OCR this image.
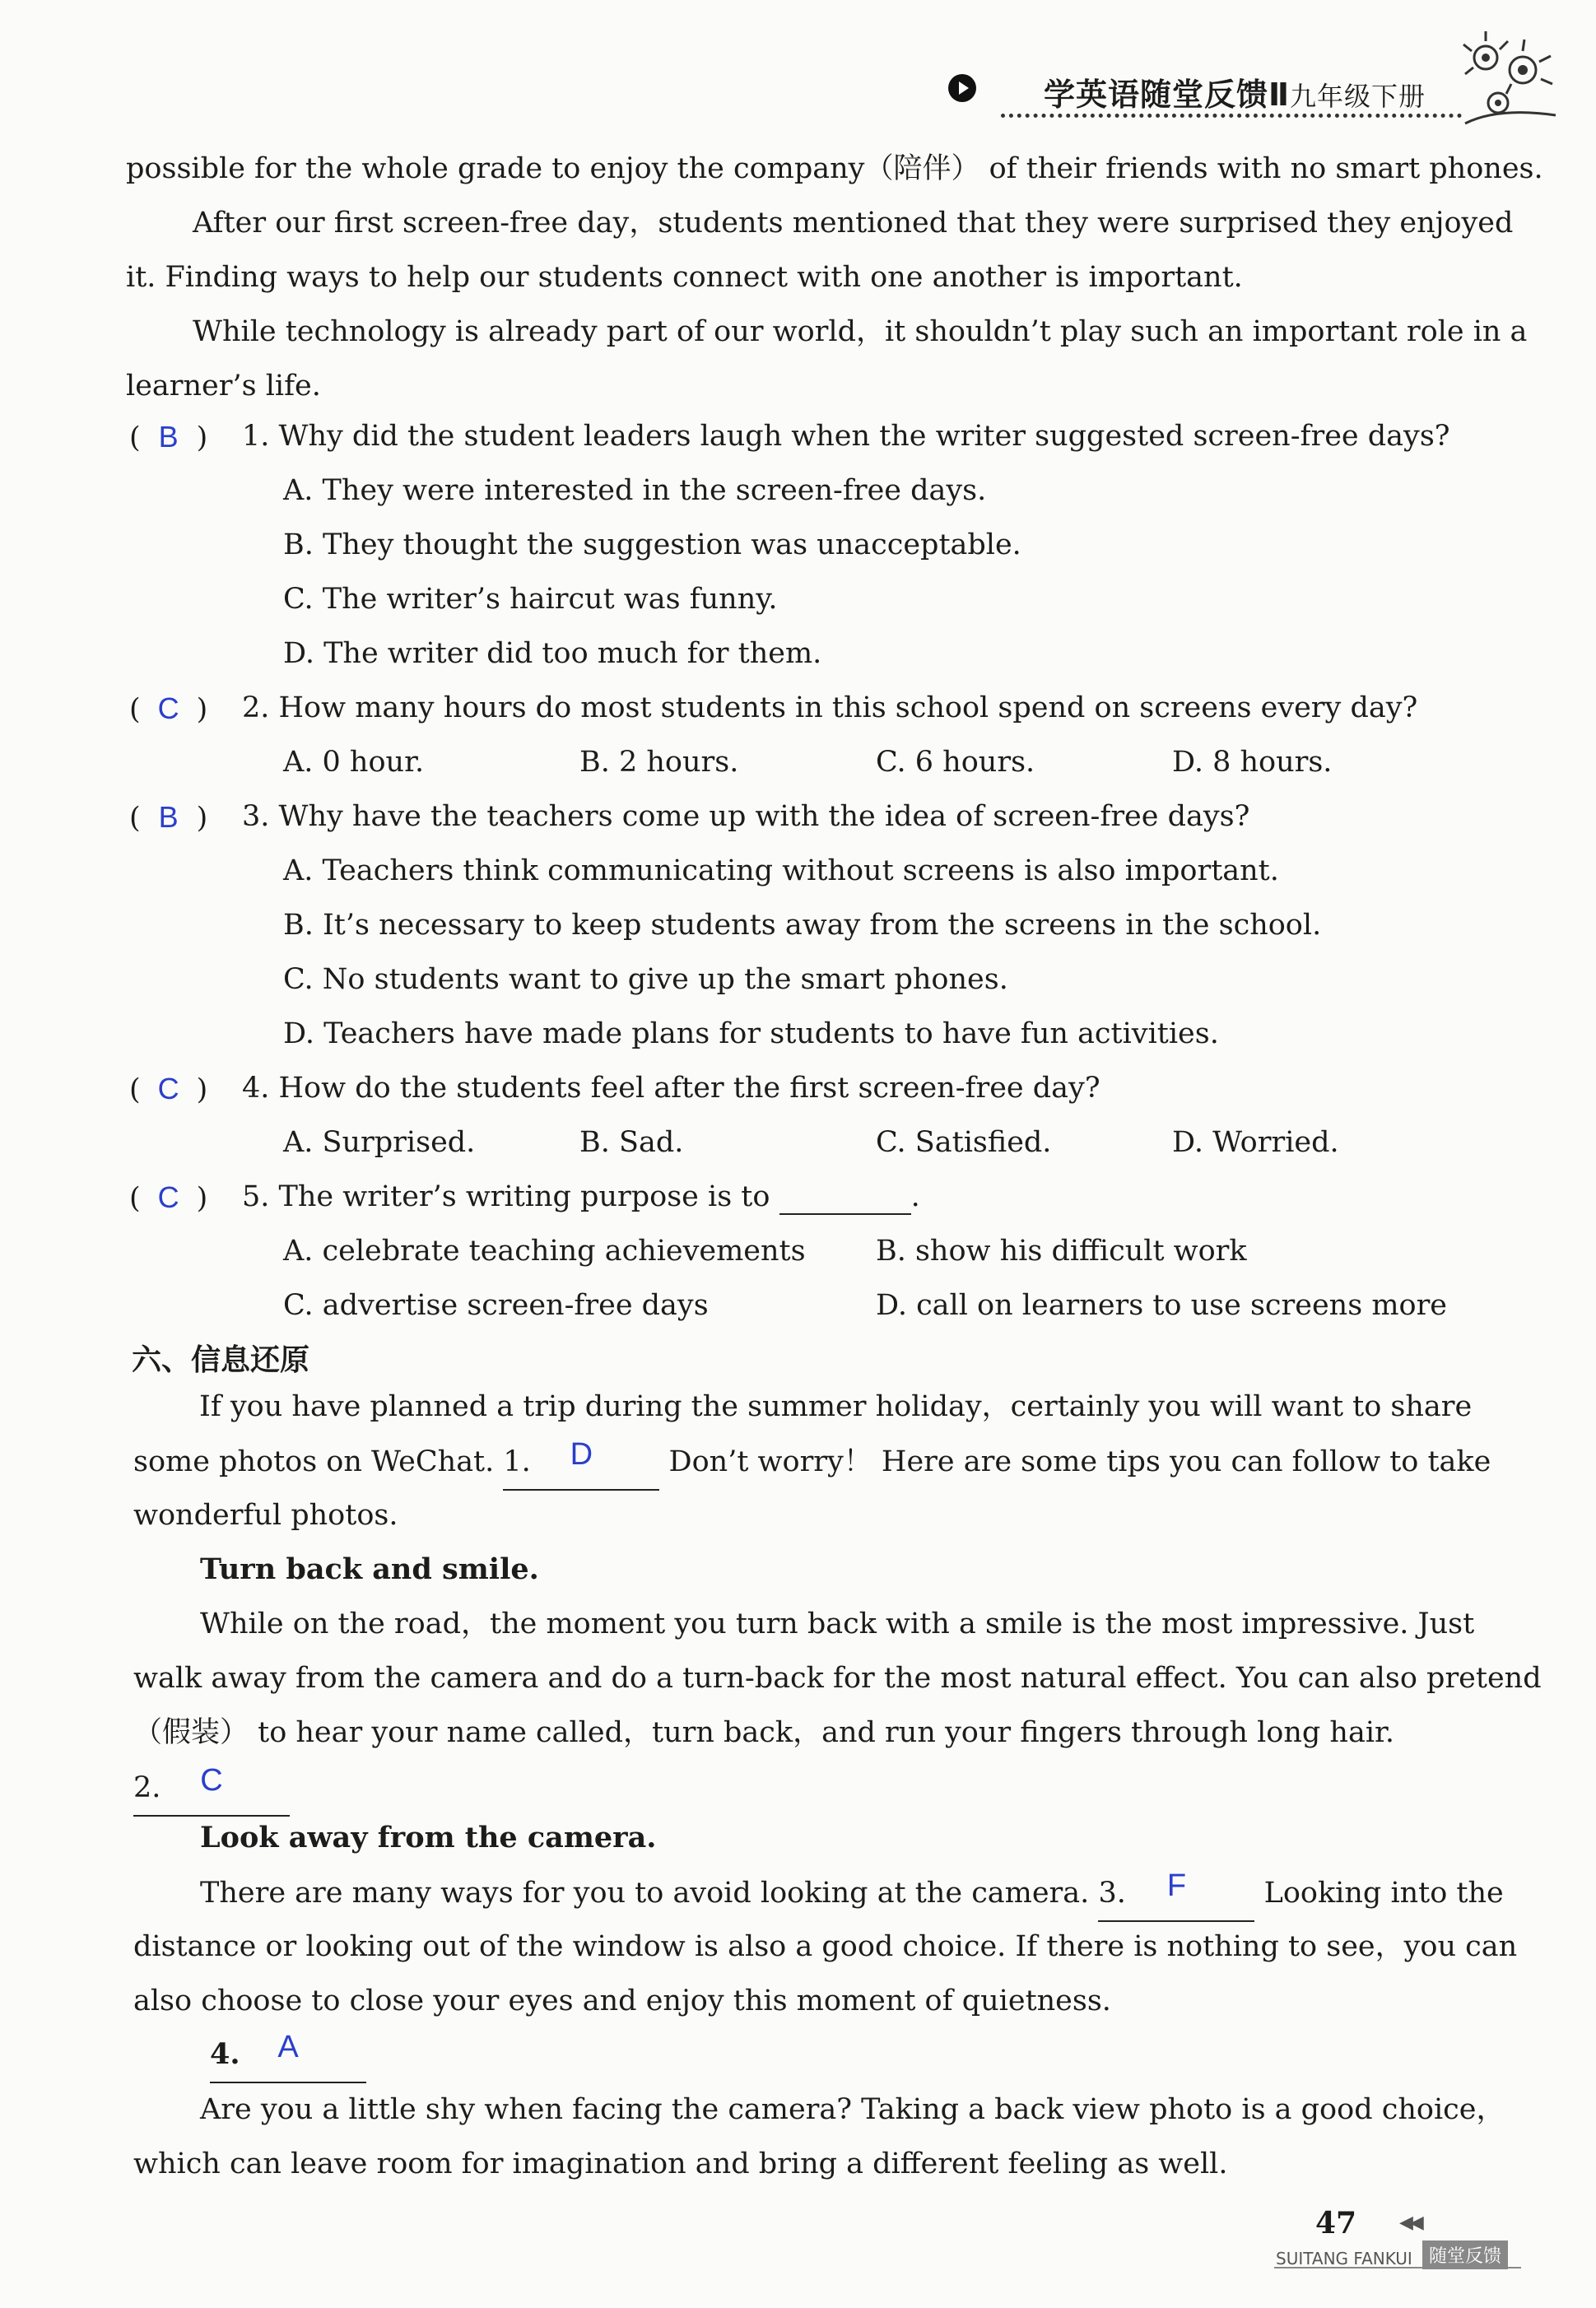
学英语随堂反馈Ⅱ九年级下册
possible for the whole grade to enjoy the company（陪伴） of their friends with no smart phones.
After our first screen-free day，students mentioned that they were surprised they enjoyed
it. Finding ways to help our students connect with one another is important.
While technology is already part of our world，it shouldn’t play such an important role in a
learner’s life.
( B ) 1. Why did the student leaders laugh when the writer suggested screen-free days?
A. They were interested in the screen-free days.
B. They thought the suggestion was unacceptable.
C. The writer’s haircut was funny.
D. The writer did too much for them.
( C ) 2. How many hours do most students in this school spend on screens every day?
A. 0 hour.	B. 2 hours.	C. 6 hours.	D. 8 hours.
( B ) 3. Why have the teachers come up with the idea of screen-free days?
A. Teachers think communicating without screens is also important.
B. It’s necessary to keep students away from the screens in the school.
C. No students want to give up the smart phones.
D. Teachers have made plans for students to have fun activities.
( C ) 4. How do the students feel after the first screen-free day?
A. Surprised.	B. Sad.	C. Satisfied.	D. Worried.
( C ) 5. The writer’s writing purpose is to	.
A. celebrate teaching achievements B. show his difficult work
C. advertise screen-free days	D. call on learners to use screens more
六、信息还原
If you have planned a trip during the summer holiday，certainly you will want to share
some photos on WeChat. 1. D	Don’t worry！ Here are some tips you can follow to take
wonderful photos.
Turn back and smile.
While on the road，the moment you turn back with a smile is the most impressive. Just
walk away from the camera and do a turn-back for the most natural effect. You can also pretend
（假装） to hear your name called，turn back，and run your fingers through long hair.
2. C
Look away from the camera.
There are many ways for you to avoid looking at the camera. 3. F	Looking into the
distance or looking out of the window is also a good choice. If there is nothing to see，you can
also choose to close your eyes and enjoy this moment of quietness.
4. A
Are you a little shy when facing the camera? Taking a back view photo is a good choice，
which can leave room for imagination and bring a different feeling as well.
47 ◀◀
SUITANG FANKUI 随堂反馈
